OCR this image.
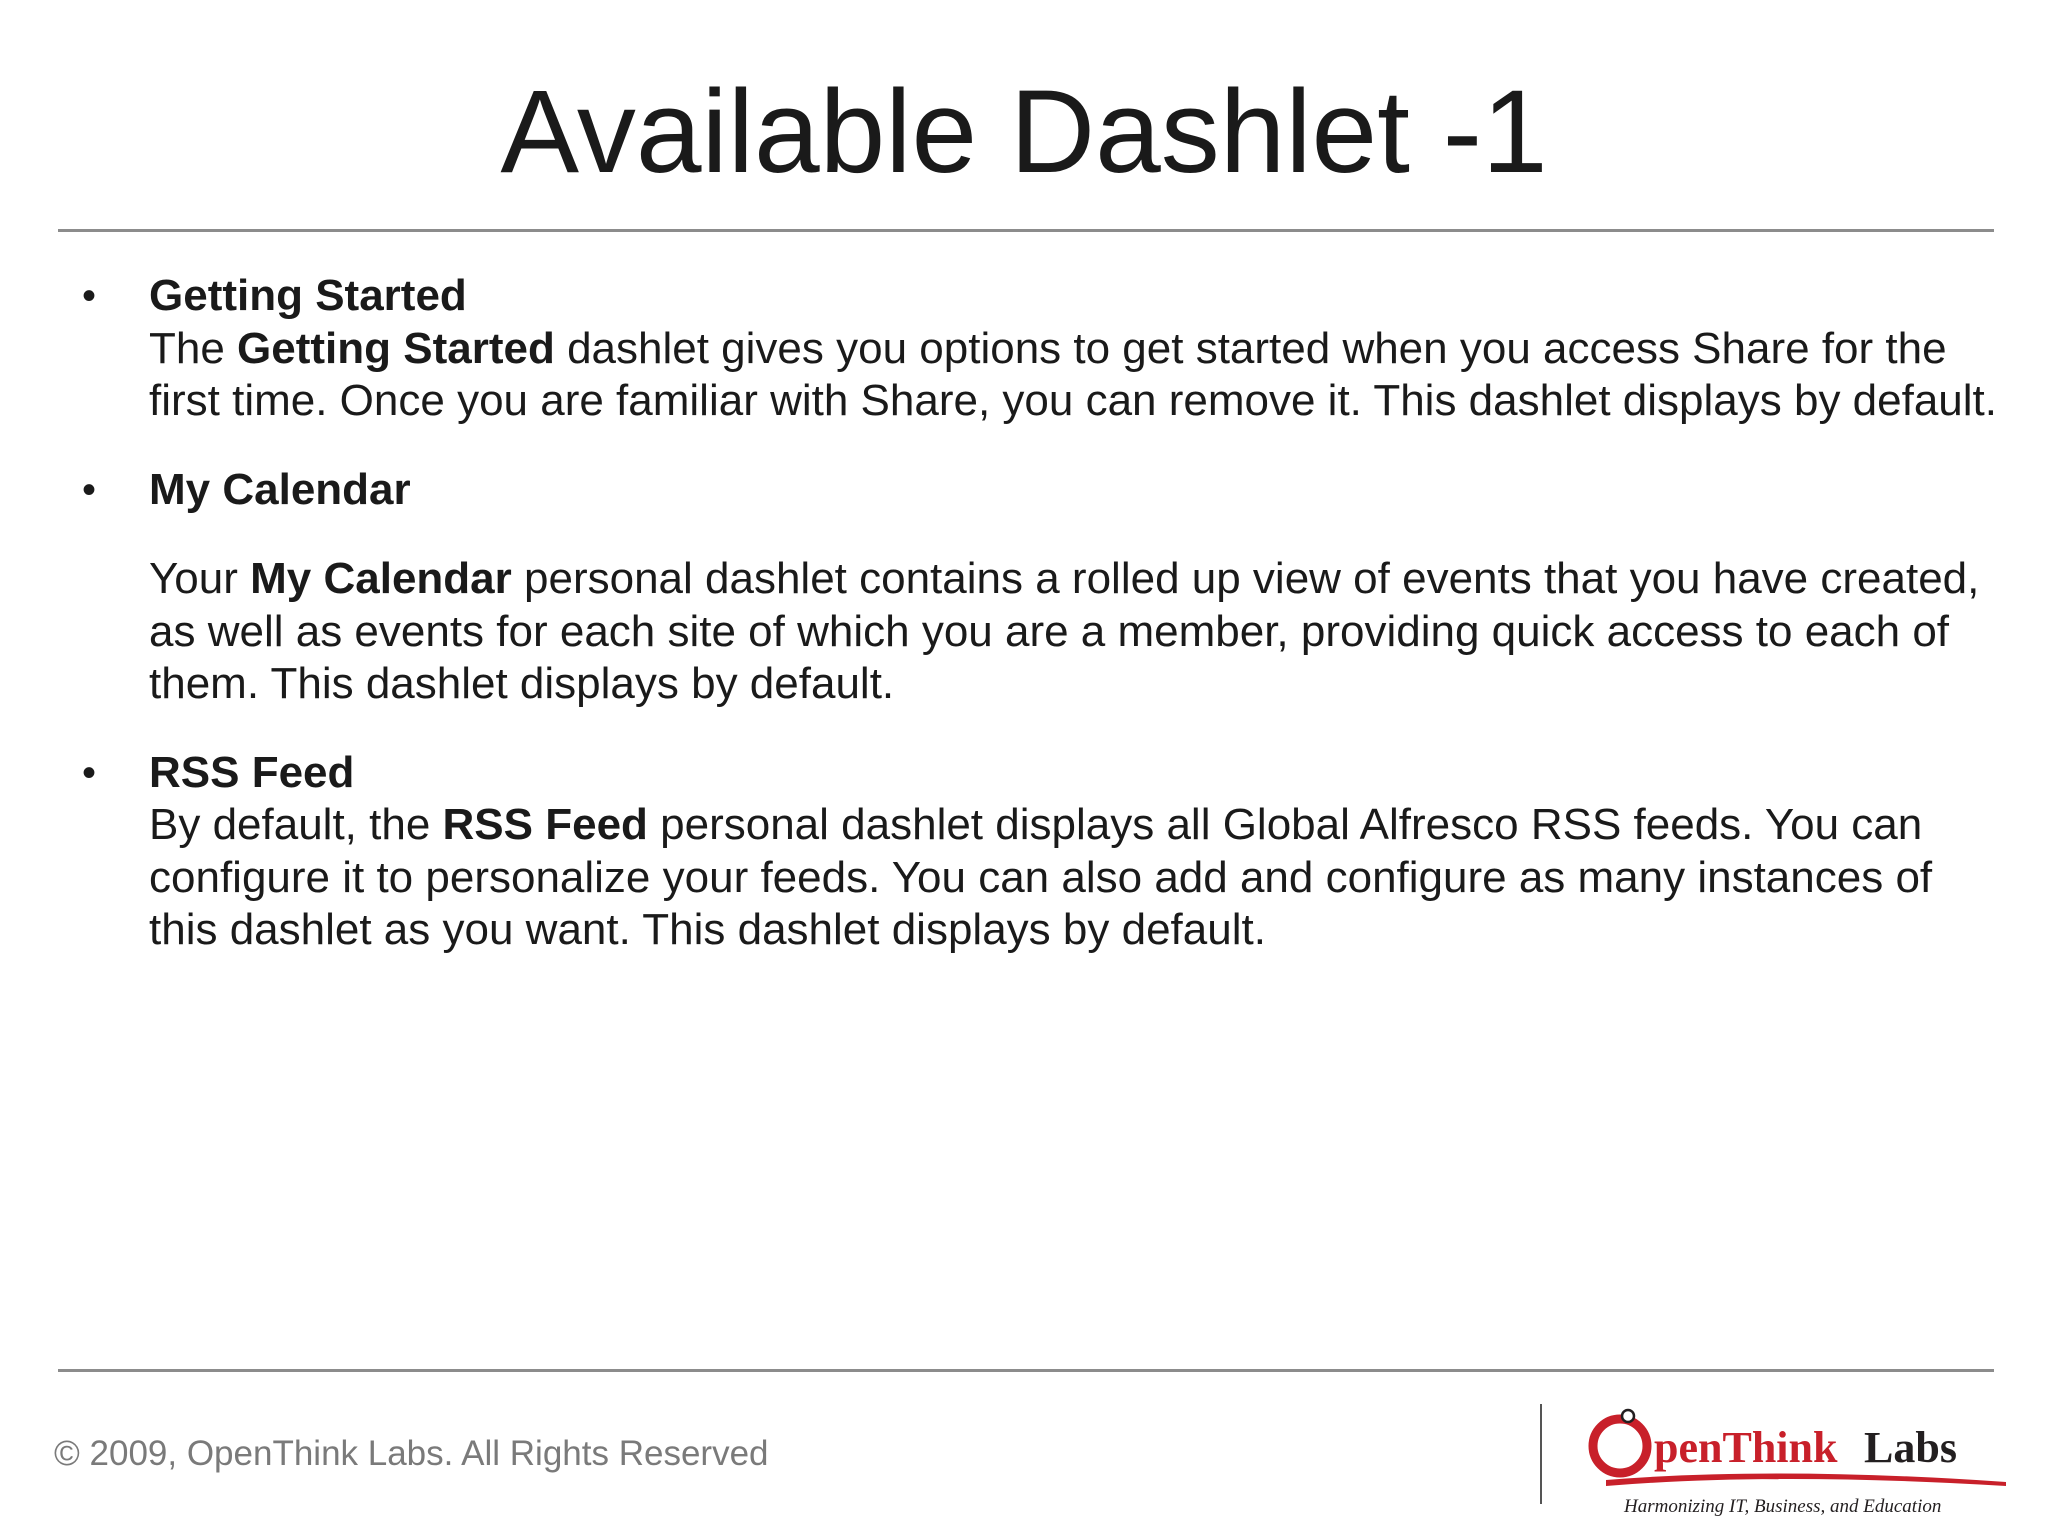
Available Dashlet -1
• Getting Started
The Getting Started dashlet gives you options to get started when you access Share for the first time. Once you are familiar with Share, you can remove it. This dashlet displays by default.
• My Calendar
Your My Calendar personal dashlet contains a rolled up view of events that you have created, as well as events for each site of which you are a member, providing quick access to each of them. This dashlet displays by default.
• RSS Feed
By default, the RSS Feed personal dashlet displays all Global Alfresco RSS feeds. You can configure it to personalize your feeds. You can also add and configure as many instances of this dashlet as you want. This dashlet displays by default.
© 2009, OpenThink Labs. All Rights Reserved	penThink Labs
Harmonizing IT, Business, and Education
